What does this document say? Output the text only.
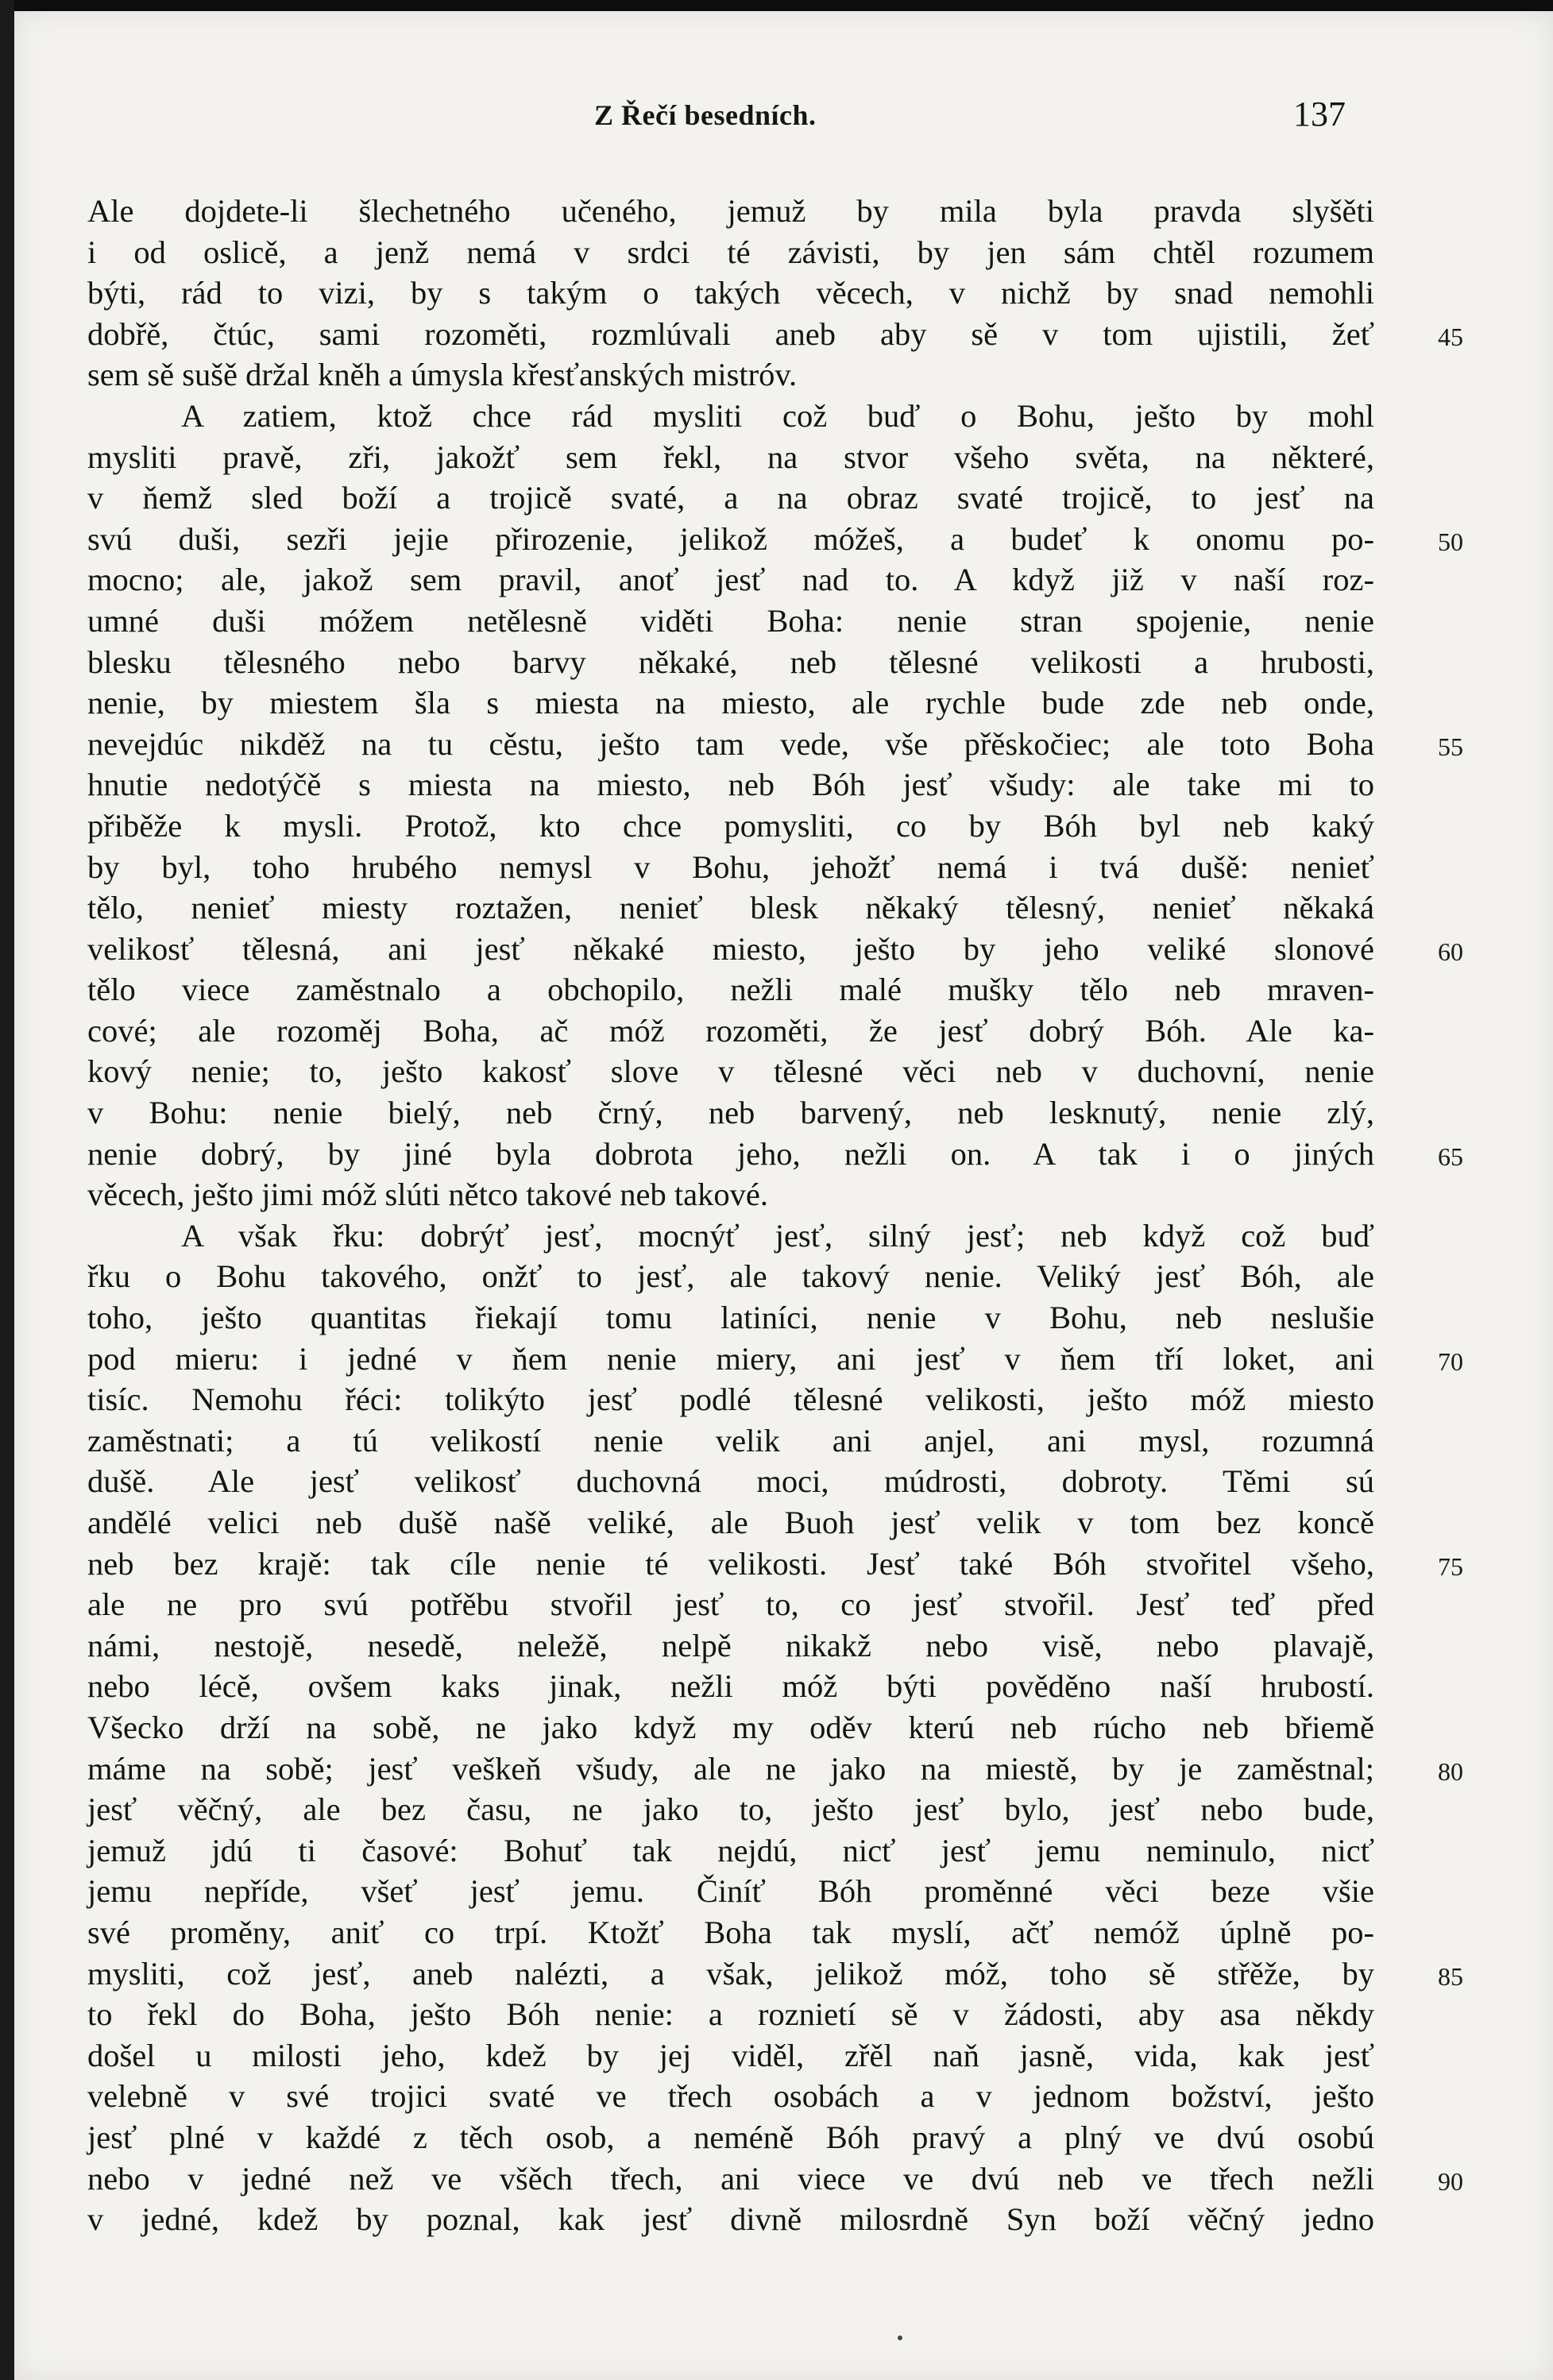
Z Řečí besedních.	137
Ale dojdete-li šlechetného učeného, jemuž by mila byla pravda slyšěti
i od oslicě, a jenž nemá v srdci té závisti, by jen sám chtěl rozumem
býti, rád to vizi, by s takým o takých věcech, v nichž by snad nemohli
dobřě, čtúc, sami rozoměti, rozmlúvali aneb aby sě v tom ujistili, žeť	45
sem sě sušě držal kněh a úmysla křesťanských mistróv.
A zatiem, ktož chce rád mysliti což buď o Bohu, ješto by mohl
mysliti pravě, zři, jakožť sem řekl, na stvor všeho světa, na některé,
v ňemž sled boží a trojicě svaté, a na obraz svaté trojicě, to jesť na
svú duši, sezři jejie přirozenie, jelikož móžeš, a budeť k onomu po-	50
mocno; ale, jakož sem pravil, anoť jesť nad to. A když již v naší roz-
umné duši móžem netělesně viděti Boha: nenie stran spojenie, nenie
blesku tělesného nebo barvy někaké, neb tělesné velikosti a hrubosti,
nenie, by miestem šla s miesta na miesto, ale rychle bude zde neb onde,
nevejdúc nikděž na tu cěstu, ješto tam vede, vše přěskočiec; ale toto Boha	55
hnutie nedotýčě s miesta na miesto, neb Bóh jesť všudy: ale take mi to
přiběže k mysli. Protož, kto chce pomysliti, co by Bóh byl neb kaký
by byl, toho hrubého nemysl v Bohu, jehožť nemá i tvá dušě: nenieť
tělo, nenieť miesty roztažen, nenieť blesk někaký tělesný, nenieť někaká
velikosť tělesná, ani jesť někaké miesto, ješto by jeho veliké slonové	60
tělo viece zaměstnalo a obchopilo, nežli malé mušky tělo neb mraven-
cové; ale rozoměj Boha, ač móž rozoměti, že jesť dobrý Bóh. Ale ka-
kový nenie; to, ješto kakosť slove v tělesné věci neb v duchovní, nenie
v Bohu: nenie bielý, neb črný, neb barvený, neb lesknutý, nenie zlý,
nenie dobrý, by jiné byla dobrota jeho, nežli on. A tak i o jiných	65
věcech, ješto jimi móž slúti nětco takové neb takové.
A však řku: dobrýť jesť, mocnýť jesť, silný jesť; neb když což buď
řku o Bohu takového, onžť to jesť, ale takový nenie. Veliký jesť Bóh, ale
toho, ješto quantitas řiekají tomu latiníci, nenie v Bohu, neb neslušie
pod mieru: i jedné v ňem nenie miery, ani jesť v ňem tří loket, ani	70
tisíc. Nemohu řéci: tolikýto jesť podlé tělesné velikosti, ješto móž miesto
zaměstnati; a tú velikostí nenie velik ani anjel, ani mysl, rozumná
dušě. Ale jesť velikosť duchovná moci, múdrosti, dobroty. Těmi sú
andělé velici neb dušě našě veliké, ale Buoh jesť velik v tom bez koncě
neb bez krajě: tak cíle nenie té velikosti. Jesť také Bóh stvořitel všeho,	75
ale ne pro svú potřěbu stvořil jesť to, co jesť stvořil. Jesť teď před
námi, nestojě, nesedě, neležě, nelpě nikakž nebo visě, nebo plavajě,
nebo lécě, ovšem kaks jinak, nežli móž býti pověděno naší hrubostí.
Všecko drží na sobě, ne jako když my oděv kterú neb rúcho neb břiemě
máme na sobě; jesť veškeň všudy, ale ne jako na miestě, by je zaměstnal;	80
jesť věčný, ale bez času, ne jako to, ješto jesť bylo, jesť nebo bude,
jemuž jdú ti časové: Bohuť tak nejdú, nicť jesť jemu neminulo, nicť
jemu nepříde, všeť jesť jemu. Činíť Bóh proměnné věci beze všie
své proměny, aniť co trpí. Ktožť Boha tak myslí, ačť nemóž úplně po-
mysliti, což jesť, aneb nalézti, a však, jelikož móž, toho sě střěže, by	85
to řekl do Boha, ješto Bóh nenie: a roznietí sě v žádosti, aby asa někdy
došel u milosti jeho, kdež by jej viděl, zřěl naň jasně, vida, kak jesť
velebně v své trojici svaté ve třech osobách a v jednom božství, ješto
jesť plné v každé z těch osob, a neméně Bóh pravý a plný ve dvú osobú
nebo v jedné než ve všěch třech, ani viece ve dvú neb ve třech nežli	90
v jedné, kdež by poznal, kak jesť divně milosrdně Syn boží věčný jedno
